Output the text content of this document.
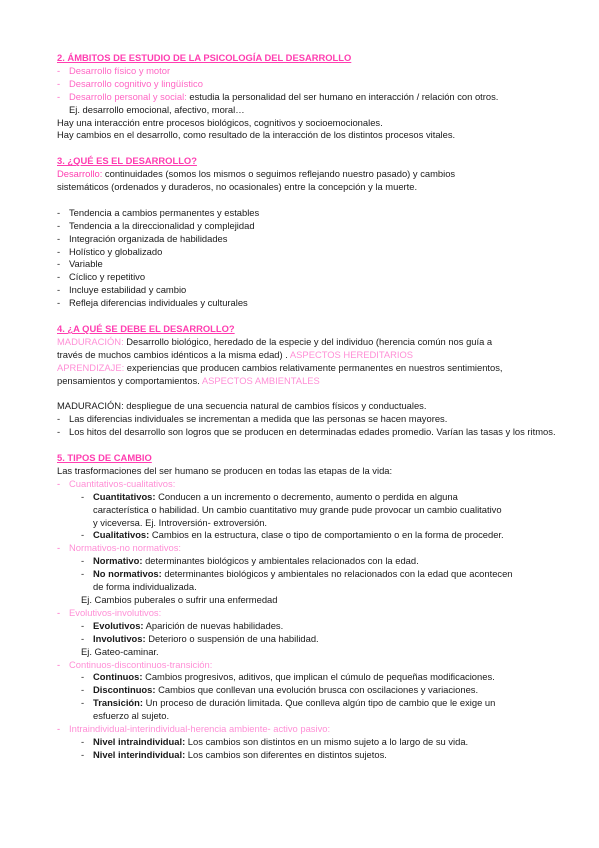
2. ÁMBITOS DE ESTUDIO DE LA PSICOLOGÍA DEL DESARROLLO
‐ Desarrollo físico y motor
‐ Desarrollo cognitivo y lingüístico
‐ Desarrollo personal y social: estudia la personalidad del ser humano en interacción / relación con otros.
Ej. desarrollo emocional, afectivo, moral…
Hay una interacción entre procesos biológicos, cognitivos y socioemocionales.
Hay cambios en el desarrollo, como resultado de la interacción de los distintos procesos vitales.
3. ¿QUÉ ES EL DESARROLLO?
Desarrollo: continuidades (somos los mismos o seguimos reflejando nuestro pasado) y cambios
sistemáticos (ordenados y duraderos, no ocasionales) entre la concepción y la muerte.
‐ Tendencia a cambios permanentes y estables
‐ Tendencia a la direccionalidad y complejidad
‐ Integración organizada de habilidades
‐ Holístico y globalizado
‐ Variable
‐ Cíclico y repetitivo
‐ Incluye estabilidad y cambio
‐ Refleja diferencias individuales y culturales
4. ¿A QUÉ SE DEBE EL DESARROLLO?
MADURACIÓN: Desarrollo biológico, heredado de la especie y del individuo (herencia común nos guía a
través de muchos cambios idénticos a la misma edad) . ASPECTOS HEREDITARIOS
APRENDIZAJE: experiencias que producen cambios relativamente permanentes en nuestros sentimientos,
pensamientos y comportamientos. ASPECTOS AMBIENTALES
MADURACIÓN: despliegue de una secuencia natural de cambios físicos y conductuales.
‐ Las diferencias individuales se incrementan a medida que las personas se hacen mayores.
‐ Los hitos del desarrollo son logros que se producen en determinadas edades promedio. Varían las tasas y los ritmos.
5. TIPOS DE CAMBIO
Las trasformaciones del ser humano se producen en todas las etapas de la vida:
‐ Cuantitativos-cualitativos:
‐ Cuantitativos: Conducen a un incremento o decremento, aumento o perdida en alguna
característica o habilidad. Un cambio cuantitativo muy grande pude provocar un cambio cualitativo
y viceversa. Ej. Introversión- extroversión.
‐ Cualitativos: Cambios en la estructura, clase o tipo de comportamiento o en la forma de proceder.
‐ Normativos-no normativos:
‐ Normativo: determinantes biológicos y ambientales relacionados con la edad.
‐ No normativos: determinantes biológicos y ambientales no relacionados con la edad que acontecen
de forma individualizada.
Ej. Cambios puberales o sufrir una enfermedad
‐ Evolutivos-involutivos:
‐ Evolutivos: Aparición de nuevas habilidades.
‐ Involutivos: Deterioro o suspensión de una habilidad.
Ej. Gateo-caminar.
‐ Continuos-discontinuos-transición:
‐ Continuos: Cambios progresivos, aditivos, que implican el cúmulo de pequeñas modificaciones.
‐ Discontinuos: Cambios que conllevan una evolución brusca con oscilaciones y variaciones.
‐ Transición: Un proceso de duración limitada. Que conlleva algún tipo de cambio que le exige un
esfuerzo al sujeto.
‐ Intraindividual-interindividual-herencia ambiente- activo pasivo:
‐ Nivel intraindividual: Los cambios son distintos en un mismo sujeto a lo largo de su vida.
‐ Nivel interindividual: Los cambios son diferentes en distintos sujetos.
